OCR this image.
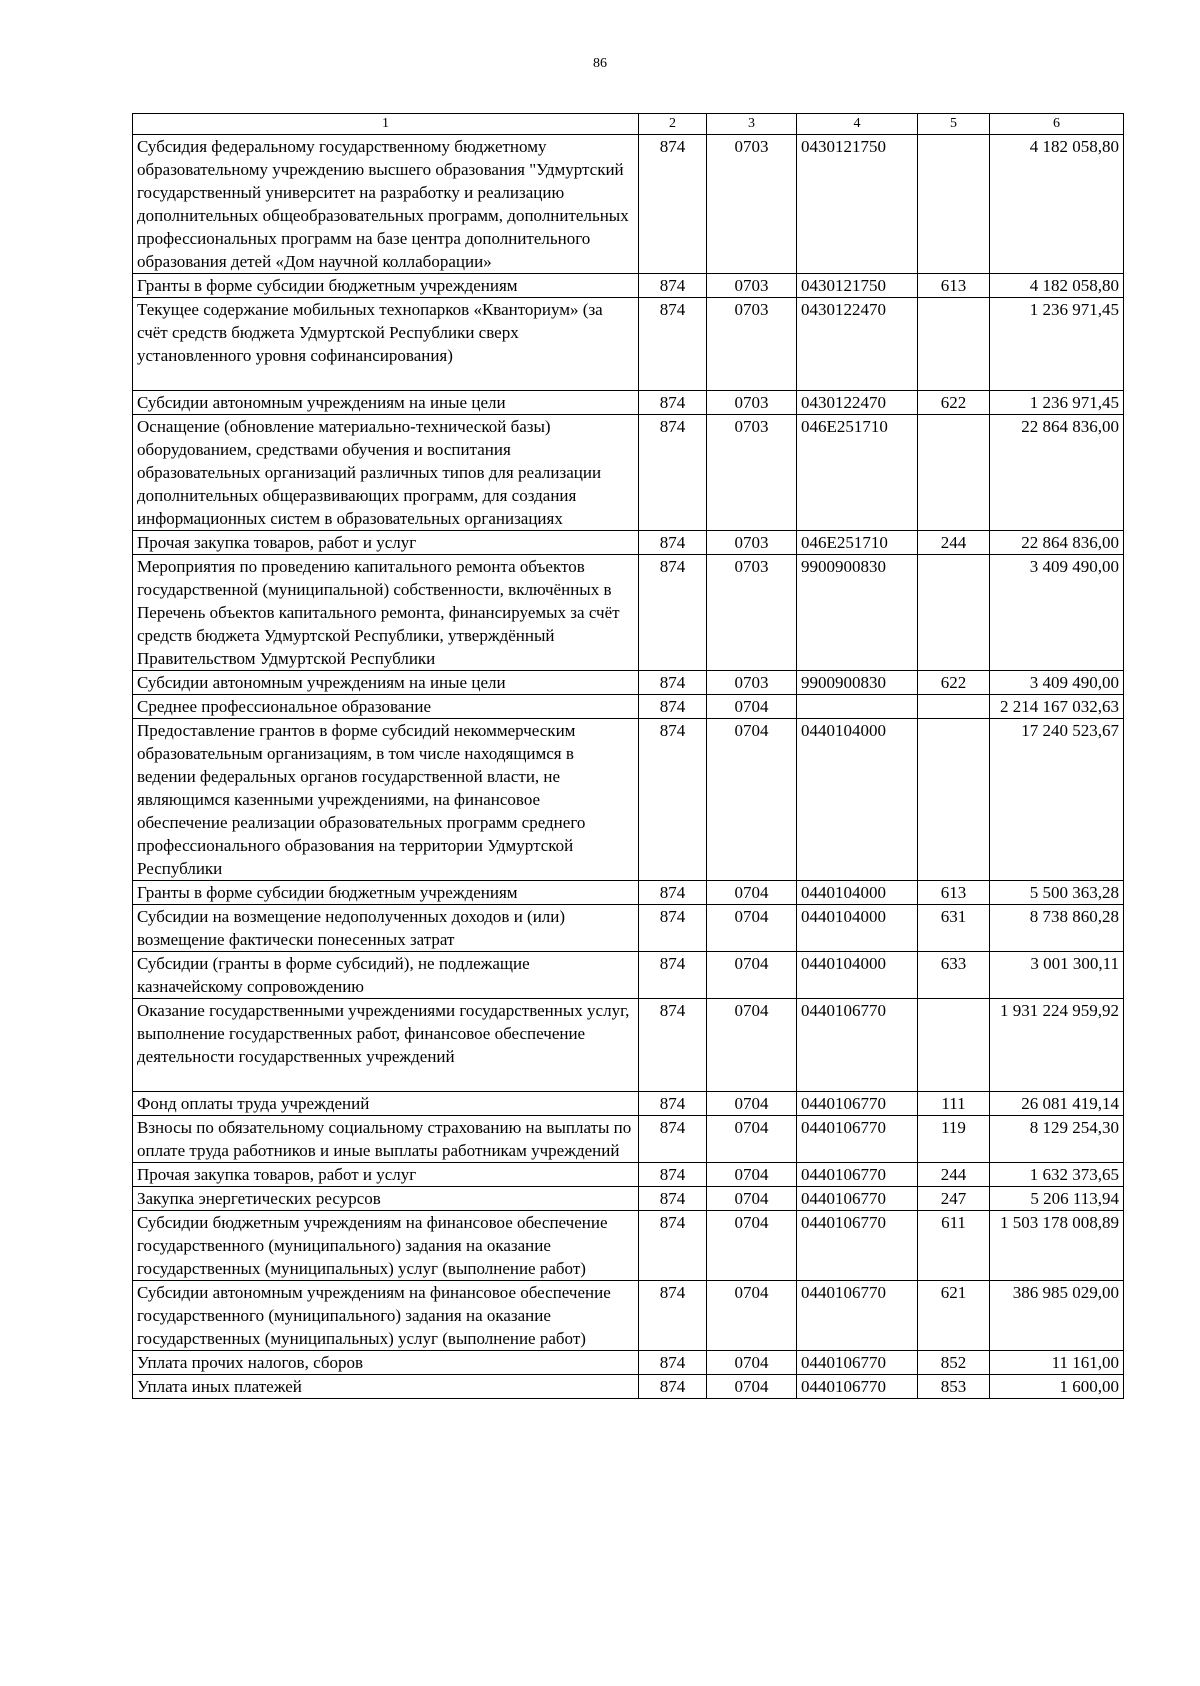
86
1	2	3	4	5	6
Субсидия федеральному государственному бюджетному образовательному учреждению высшего образования "Удмуртский государственный университет на разработку и реализацию дополнительных общеобразовательных программ, дополнительных профессиональных программ на базе центра дополнительного образования детей «Дом научной коллаборации»	874	0703	0430121750		4 182 058,80
Гранты в форме субсидии бюджетным учреждениям	874	0703	0430121750	613	4 182 058,80
Текущее содержание мобильных технопарков «Кванториум» (за счёт средств бюджета Удмуртской Республики сверх установленного уровня софинансирования)	874	0703	0430122470		1 236 971,45
Субсидии автономным учреждениям на иные цели	874	0703	0430122470	622	1 236 971,45
Оснащение (обновление материально-технической базы) оборудованием, средствами обучения и воспитания образовательных организаций различных типов для реализации дополнительных общеразвивающих программ, для создания информационных систем в образовательных организациях	874	0703	046E251710		22 864 836,00
Прочая закупка товаров, работ и услуг	874	0703	046E251710	244	22 864 836,00
Мероприятия по проведению капитального ремонта объектов государственной (муниципальной) собственности, включённых в Перечень объектов капитального ремонта, финансируемых за счёт средств бюджета Удмуртской Республики, утверждённый Правительством Удмуртской Республики	874	0703	9900900830		3 409 490,00
Субсидии автономным учреждениям на иные цели	874	0703	9900900830	622	3 409 490,00
Среднее профессиональное образование	874	0704			2 214 167 032,63
Предоставление грантов в форме субсидий некоммерческим образовательным организациям, в том числе находящимся в ведении федеральных органов государственной власти, не являющимся казенными учреждениями, на финансовое обеспечение реализации образовательных программ среднего профессионального образования на территории Удмуртской Республики	874	0704	0440104000		17 240 523,67
Гранты в форме субсидии бюджетным учреждениям	874	0704	0440104000	613	5 500 363,28
Субсидии на возмещение недополученных доходов и (или) возмещение фактически понесенных затрат	874	0704	0440104000	631	8 738 860,28
Субсидии (гранты в форме субсидий), не подлежащие казначейскому сопровождению	874	0704	0440104000	633	3 001 300,11
Оказание государственными учреждениями государственных услуг, выполнение государственных работ, финансовое обеспечение деятельности государственных учреждений	874	0704	0440106770		1 931 224 959,92
Фонд оплаты труда учреждений	874	0704	0440106770	111	26 081 419,14
Взносы по обязательному социальному страхованию на выплаты по оплате труда работников и иные выплаты работникам учреждений	874	0704	0440106770	119	8 129 254,30
Прочая закупка товаров, работ и услуг	874	0704	0440106770	244	1 632 373,65
Закупка энергетических ресурсов	874	0704	0440106770	247	5 206 113,94
Субсидии бюджетным учреждениям на финансовое обеспечение государственного (муниципального) задания на оказание государственных (муниципальных) услуг (выполнение работ)	874	0704	0440106770	611	1 503 178 008,89
Субсидии автономным учреждениям на финансовое обеспечение государственного (муниципального) задания на оказание государственных (муниципальных) услуг (выполнение работ)	874	0704	0440106770	621	386 985 029,00
Уплата прочих налогов, сборов	874	0704	0440106770	852	11 161,00
Уплата иных платежей	874	0704	0440106770	853	1 600,00
